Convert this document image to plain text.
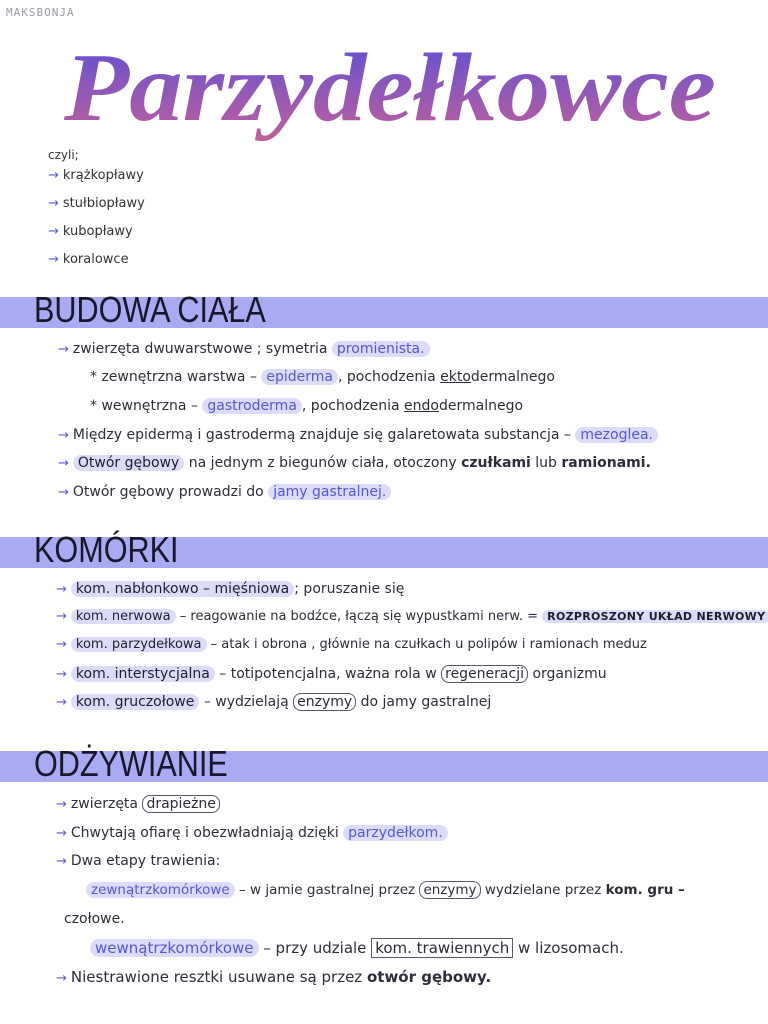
MAKSBONJA
Parzydełkowce
czyli;
→ krążkopławy
→ stułbiopławy
→ kubopławy
→ koralowce
BUDOWA CIAŁA
→ zwierzęta dwuwarstwowe ; symetria promienista.
* zewnętrzna warstwa – epiderma , pochodzenia ektodermalnego
* wewnętrzna – gastroderma , pochodzenia endodermalnego
→ Między epidermą i gastrodermą znajduje się galaretowata substancja – mezoglea.
→ Otwór gębowy na jednym z biegunów ciała, otoczony czułkami lub ramionami.
→ Otwór gębowy prowadzi do jamy gastralnej.
KOMÓRKI
→ kom. nabłonkowo – mięśniowa ; poruszanie się
→ kom. nerwowa – reagowanie na bodźce, łączą się wypustkami nerw. = ROZPROSZONY UKŁAD NERWOWY
→ kom. parzydełkowa – atak i obrona , głównie na czułkach u polipów i ramionach meduz
→ kom. interstycjalna – totipotencjalna, ważna rola w regeneracji organizmu
→ kom. gruczołowe – wydzielają enzymy do jamy gastralnej
ODŻYWIANIE
→ zwierzęta drapieżne
→ Chwytają ofiarę i obezwładniają dzięki parzydełkom.
→ Dwa etapy trawienia:
zewnątrzkomórkowe – w jamie gastralnej przez enzymy wydzielane przez kom. gru –
czołowe.
wewnątrzkomórkowe – przy udziale kom. trawiennych w lizosomach.
→ Niestrawione resztki usuwane są przez otwór gębowy.
